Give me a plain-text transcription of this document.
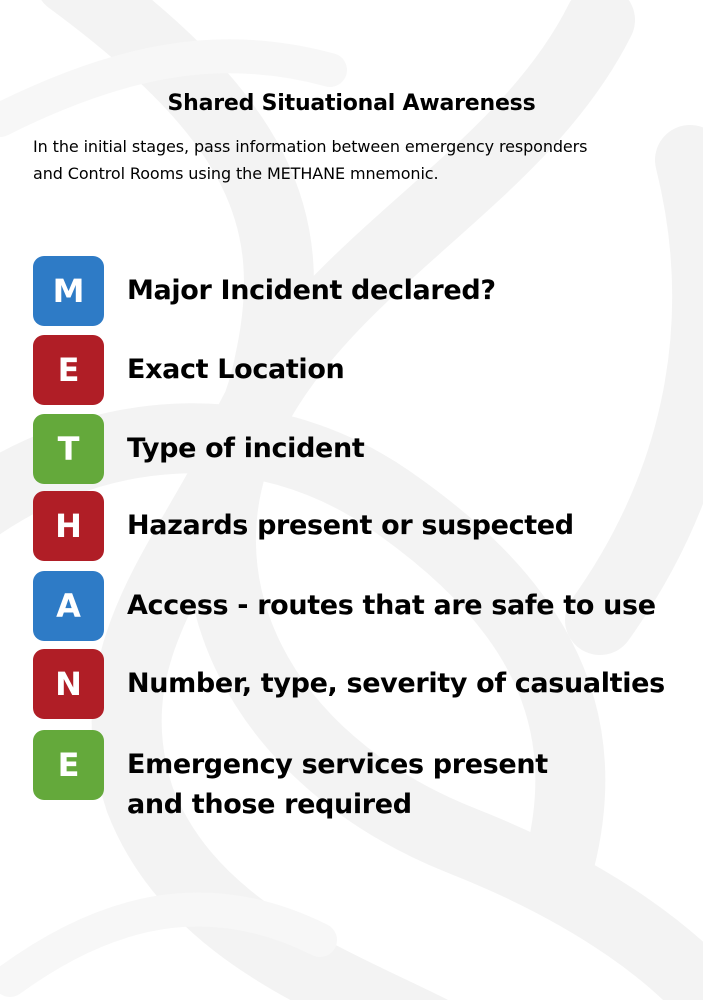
Shared Situational Awareness
In the initial stages, pass information between emergency responders
and Control Rooms using the METHANE mnemonic.
M	Major Incident declared?
E	Exact Location
T	Type of incident
H	Hazards present or suspected
A	Access - routes that are safe to use
N	Number, type, severity of casualties
E	Emergency services present and those required
